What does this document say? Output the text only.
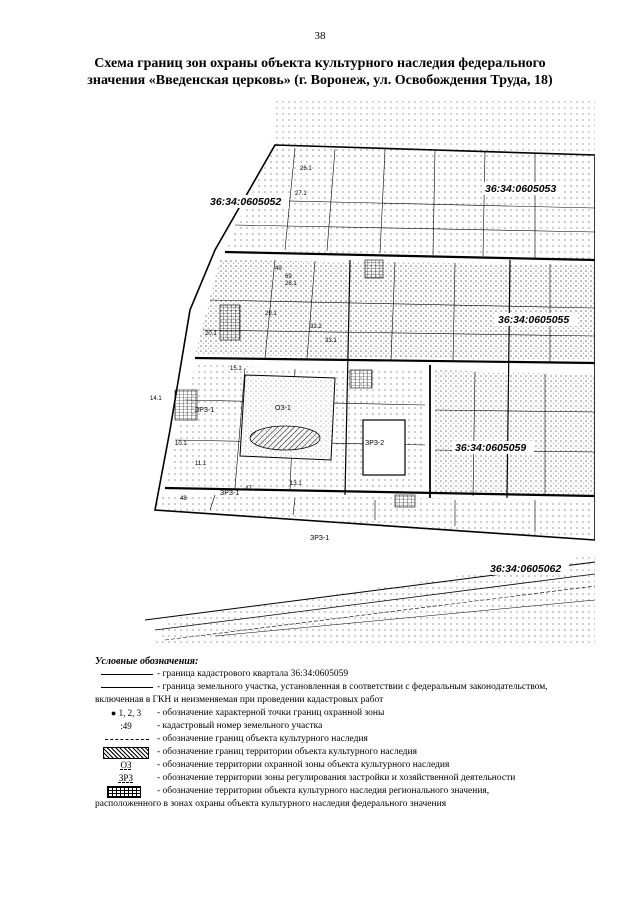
38
Схема границ зон охраны объекта культурного наследия федерального
значения «Введенская церковь» (г. Воронеж, ул. Освобождения Труда, 18)
ОЗ-1
ЗРЗ-1
ЗРЗ-1
ЗРЗ-1
ЗРЗ-2
26.1
27.1
29.1
28.1
20.1
33.2
33.1
14.1
15.1
10.1
13.1
11.1
48
49
69
47
36:34:0605053
36:34:0605052
36:34:0605055
36:34:0605059
36:34:0605062
Условные обозначения:
- граница кадастрового квартала 36:34:0605059
- граница земельного участка, установленная в соответствии с федеральным законодательством,
включенная в ГКН и неизменяемая при проведении кадастровых работ
● 1, 2, 3	- обозначение характерной точки границ охранной зоны
:49	- кадастровый номер земельного участка
- обозначение границ объекта культурного наследия
- обозначение границ территории объекта культурного наследия
ОЗ	- обозначение территории охранной зоны объекта культурного наследия
ЗРЗ	- обозначение территории зоны регулирования застройки и хозяйственной деятельности
- обозначение территории объекта культурного наследия регионального значения,
расположенного в зонах охраны объекта культурного наследия федерального значения
